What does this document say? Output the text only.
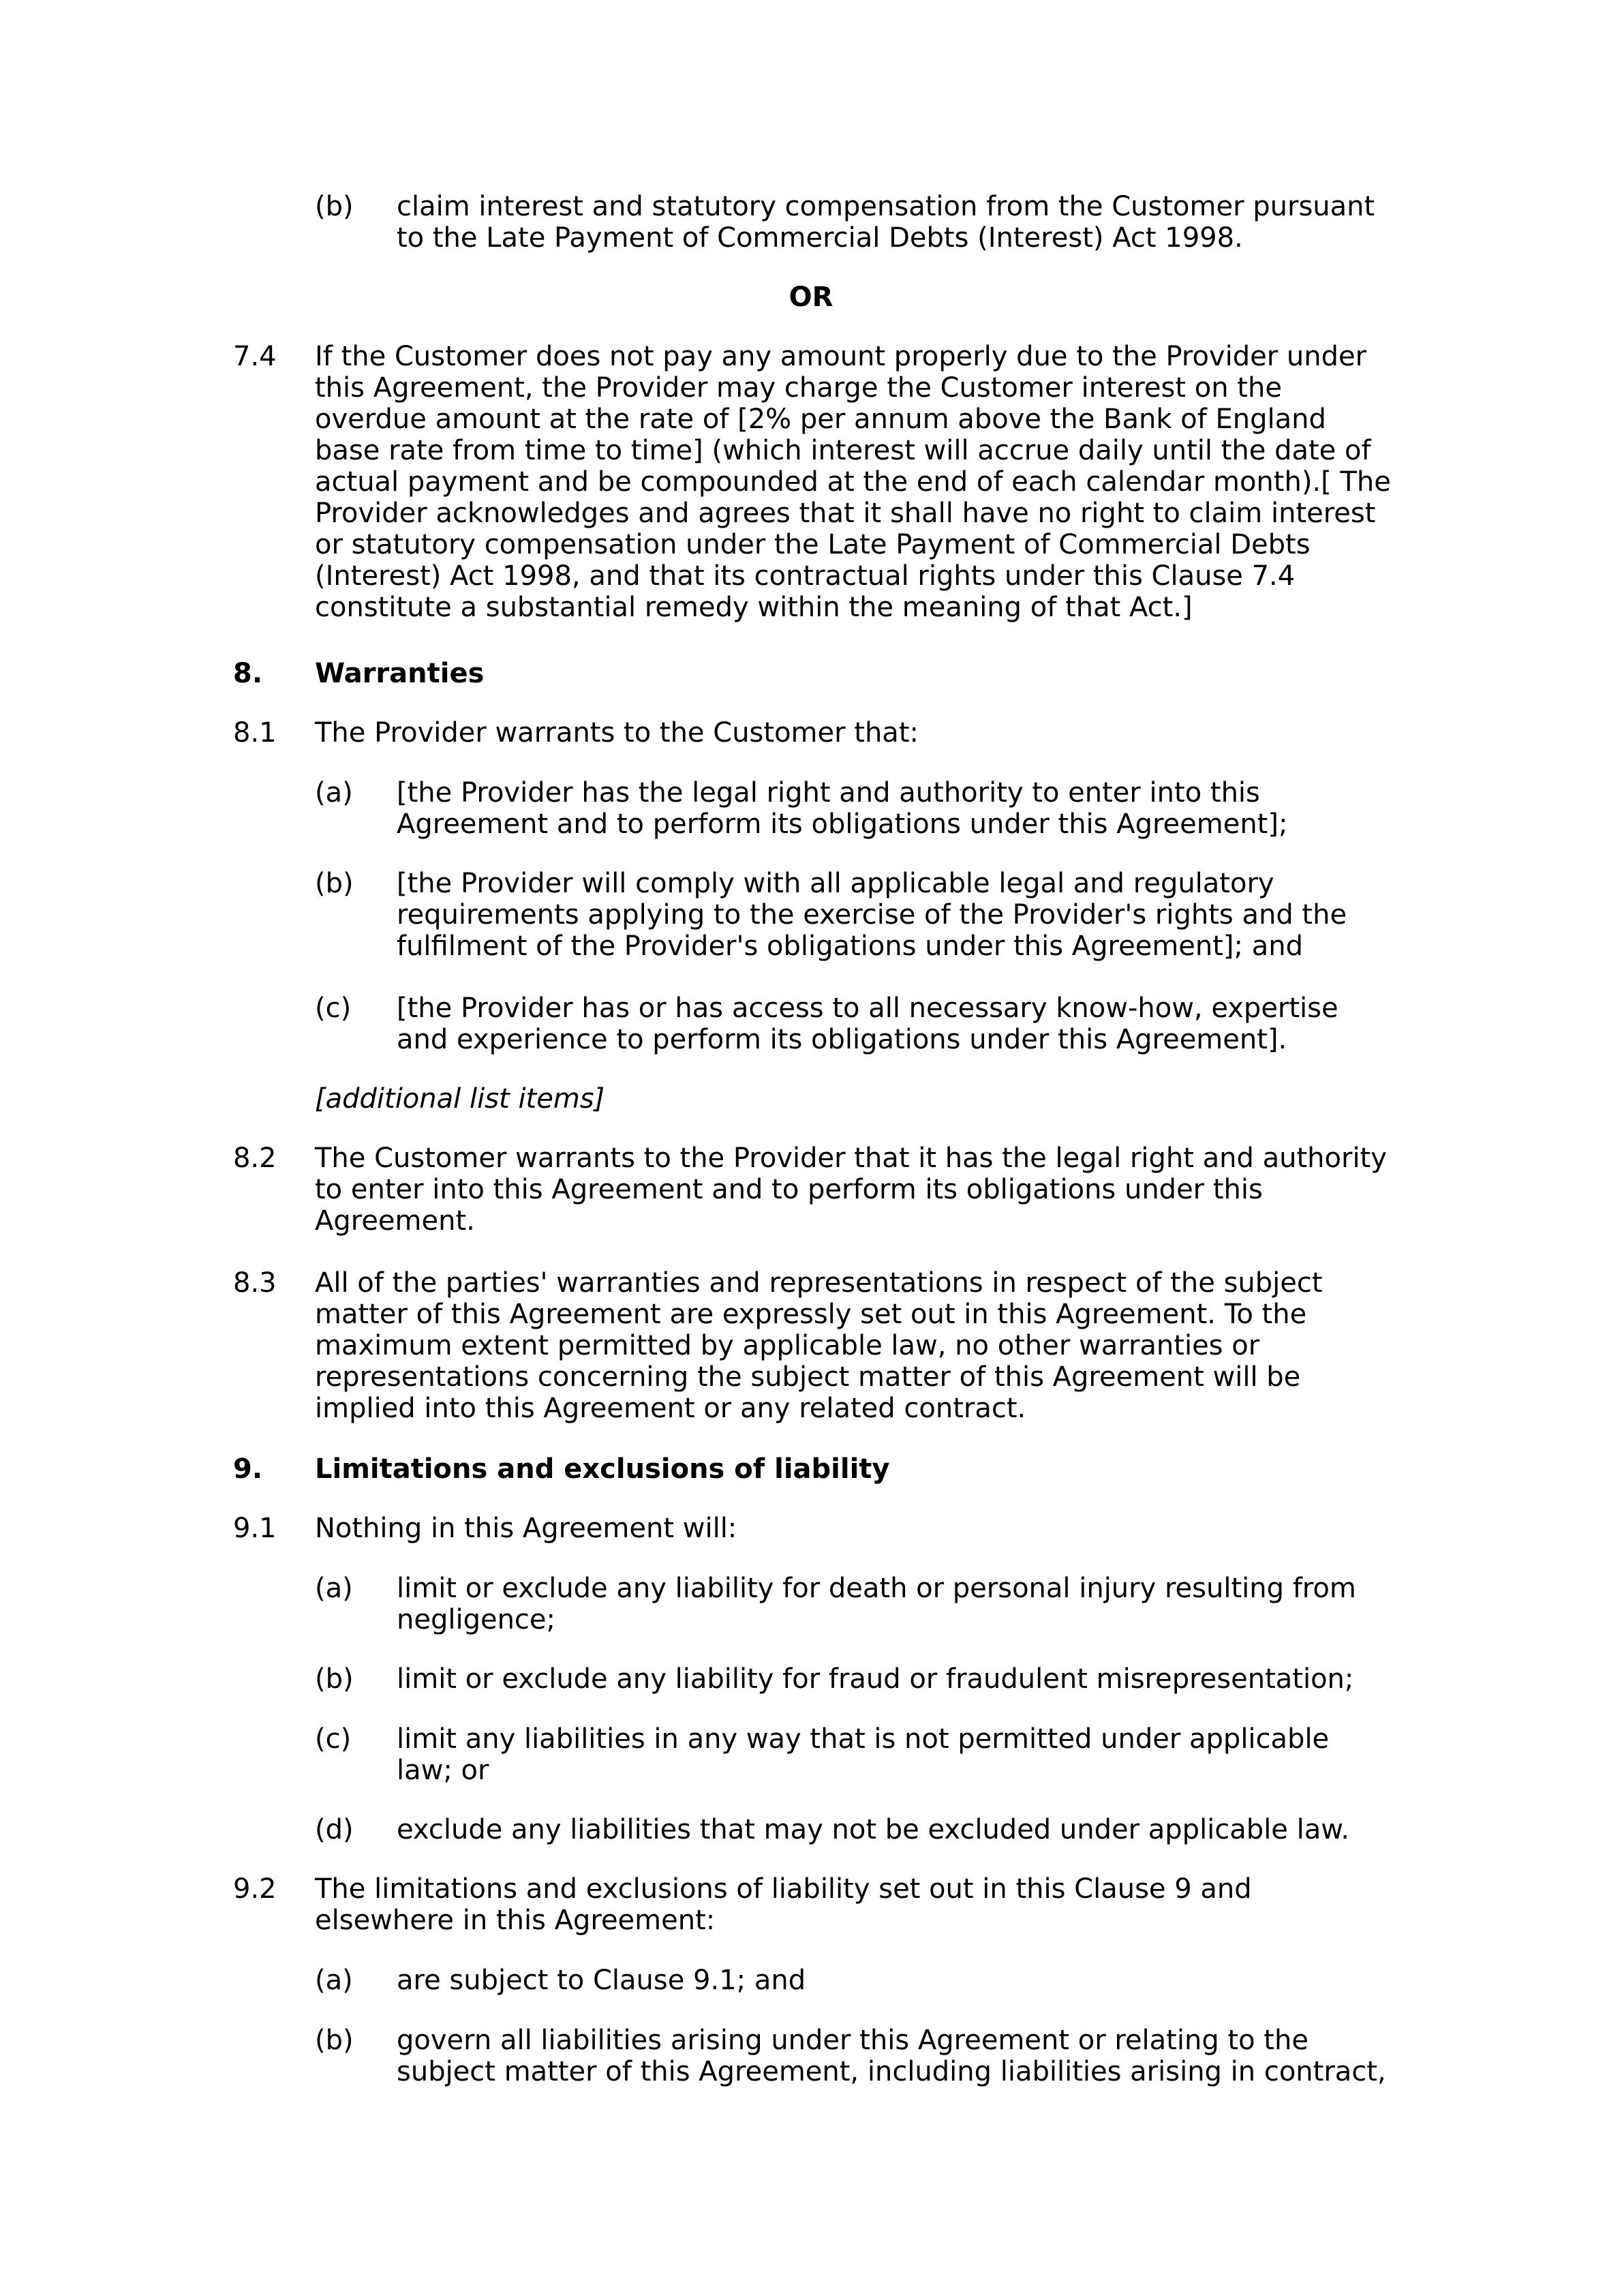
(b) claim interest and statutory compensation from the Customer pursuant to the Late Payment of Commercial Debts (Interest) Act 1998.
OR
7.4 If the Customer does not pay any amount properly due to the Provider under this Agreement, the Provider may charge the Customer interest on the overdue amount at the rate of [2% per annum above the Bank of England base rate from time to time] (which interest will accrue daily until the date of actual payment and be compounded at the end of each calendar month).[ The Provider acknowledges and agrees that it shall have no right to claim interest or statutory compensation under the Late Payment of Commercial Debts (Interest) Act 1998, and that its contractual rights under this Clause 7.4 constitute a substantial remedy within the meaning of that Act.]
8. Warranties
8.1 The Provider warrants to the Customer that:
(a) [the Provider has the legal right and authority to enter into this Agreement and to perform its obligations under this Agreement];
(b) [the Provider will comply with all applicable legal and regulatory requirements applying to the exercise of the Provider's rights and the fulfilment of the Provider's obligations under this Agreement]; and
(c) [the Provider has or has access to all necessary know-how, expertise and experience to perform its obligations under this Agreement].
[additional list items]
8.2 The Customer warrants to the Provider that it has the legal right and authority to enter into this Agreement and to perform its obligations under this Agreement.
8.3 All of the parties' warranties and representations in respect of the subject matter of this Agreement are expressly set out in this Agreement. To the maximum extent permitted by applicable law, no other warranties or representations concerning the subject matter of this Agreement will be implied into this Agreement or any related contract.
9. Limitations and exclusions of liability
9.1 Nothing in this Agreement will:
(a) limit or exclude any liability for death or personal injury resulting from negligence;
(b) limit or exclude any liability for fraud or fraudulent misrepresentation;
(c) limit any liabilities in any way that is not permitted under applicable law; or
(d) exclude any liabilities that may not be excluded under applicable law.
9.2 The limitations and exclusions of liability set out in this Clause 9 and elsewhere in this Agreement:
(a) are subject to Clause 9.1; and
(b) govern all liabilities arising under this Agreement or relating to the subject matter of this Agreement, including liabilities arising in contract,
